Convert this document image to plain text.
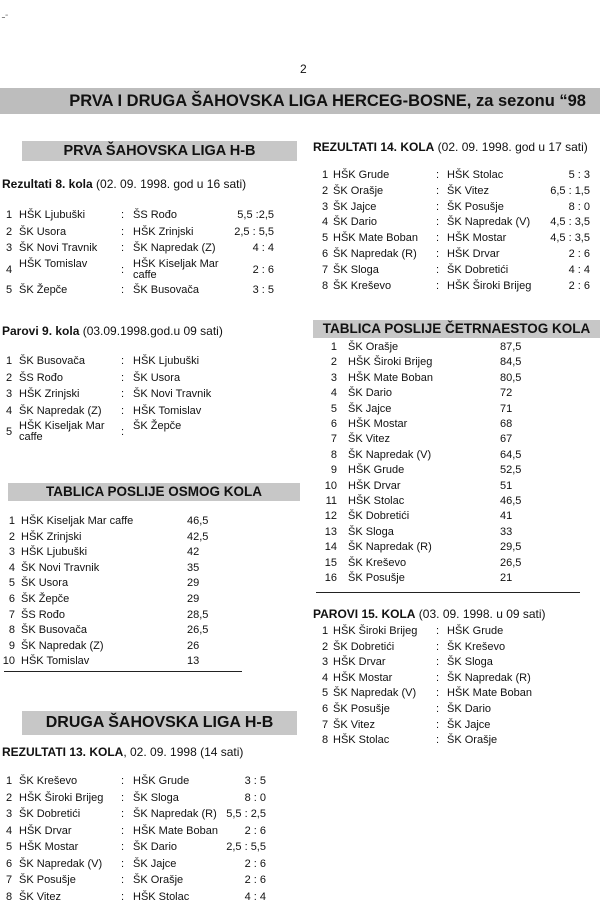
ـ‑
2
PRVA I DRUGA ŠAHOVSKA LIGA HERCEG-BOSNE, za sezonu “98
PRVA ŠAHOVSKA LIGA H-B
Rezultati 8. kola (02. 09. 1998. god u 16 sati)
1 HŠK Ljubuški	: ŠS Rođo	5,5 :2,5
2 ŠK Usora	: HŠK Zrinjski	2,5 : 5,5
3 ŠK Novi Travnik : ŠK Napredak (Z)	4 : 4
4 HŠK Tomislav	: HŠK Kiseljak Mar caffe	2 : 6
5 ŠK Žepče	: ŠK Busovača	3 : 5
Parovi 9. kola (03.09.1998.god.u 09 sati)
1 ŠK Busovača	: HŠK Ljubuški
2 ŠS Rođo	: ŠK Usora
3 HŠK Zrinjski	: ŠK Novi Travnik
4 ŠK Napredak (Z) : HŠK Tomislav
5 HŠK Kiseljak Mar caffe	: ŠK Žepče
TABLICA POSLIJE OSMOG KOLA
1 HŠK Kiseljak Mar caffe	46,5
2 HŠK Zrinjski	42,5
3 HŠK Ljubuški	42
4 ŠK Novi Travnik	35
5 ŠK Usora	29
6 ŠK Žepče	29
7 ŠS Rođo	28,5
8 ŠK Busovača	26,5
9 ŠK Napredak (Z)	26
10 HŠK Tomislav	13
DRUGA ŠAHOVSKA LIGA H-B
REZULTATI 13. KOLA, 02. 09. 1998 (14 sati)
1 ŠK Kreševo	: HŠK Grude	3 : 5
2 HŠK Široki Brijeg : ŠK Sloga	8 : 0
3 ŠK Dobretići	: ŠK Napredak (R) 5,5 : 2,5
4 HŠK Drvar	: HŠK Mate Boban 2 : 6
5 HŠK Mostar	: ŠK Dario	2,5 : 5,5
6 ŠK Napredak (V) : ŠK Jajce	2 : 6
7 ŠK Posušje	: ŠK Orašje	2 : 6
8 ŠK Vitez	: HŠK Stolac	4 : 4
REZULTATI 14. KOLA (02. 09. 1998. god u 17 sati)
1 HŠK Grude	: HŠK Stolac	5 : 3
2 ŠK Orašje	: ŠK Vitez	6,5 : 1,5
3 ŠK Jajce	: ŠK Posušje	8 : 0
4 ŠK Dario	: ŠK Napredak (V) 4,5 : 3,5
5 HŠK Mate Boban : HŠK Mostar	4,5 : 3,5
6 ŠK Napredak (R) : HŠK Drvar	2 : 6
7 ŠK Sloga	: ŠK Dobretići	4 : 4
8 ŠK Kreševo	: HŠK Široki Brijeg	2 : 6
TABLICA POSLIJE ČETRNAESTOG KOLA
1 ŠK Orašje	87,5
2 HŠK Široki Brijeg	84,5
3 HŠK Mate Boban	80,5
4 ŠK Dario	72
5 ŠK Jajce	71
6 HŠK Mostar	68
7 ŠK Vitez	67
8 ŠK Napredak (V)	64,5
9 HŠK Grude	52,5
10 HŠK Drvar	51
11 HŠK Stolac	46,5
12 ŠK Dobretići	41
13 ŠK Sloga	33
14 ŠK Napredak (R)	29,5
15 ŠK Kreševo	26,5
16 ŠK Posušje	21
PAROVI 15. KOLA (03. 09. 1998. u 09 sati)
1 HŠK Široki Brijeg : HŠK Grude
2 ŠK Dobretići	: ŠK Kreševo
3 HŠK Drvar	: ŠK Sloga
4 HŠK Mostar	: ŠK Napredak (R)
5 ŠK Napredak (V) : HŠK Mate Boban
6 ŠK Posušje	: ŠK Dario
7 ŠK Vitez	: ŠK Jajce
8 HŠK Stolac	: ŠK Orašje
